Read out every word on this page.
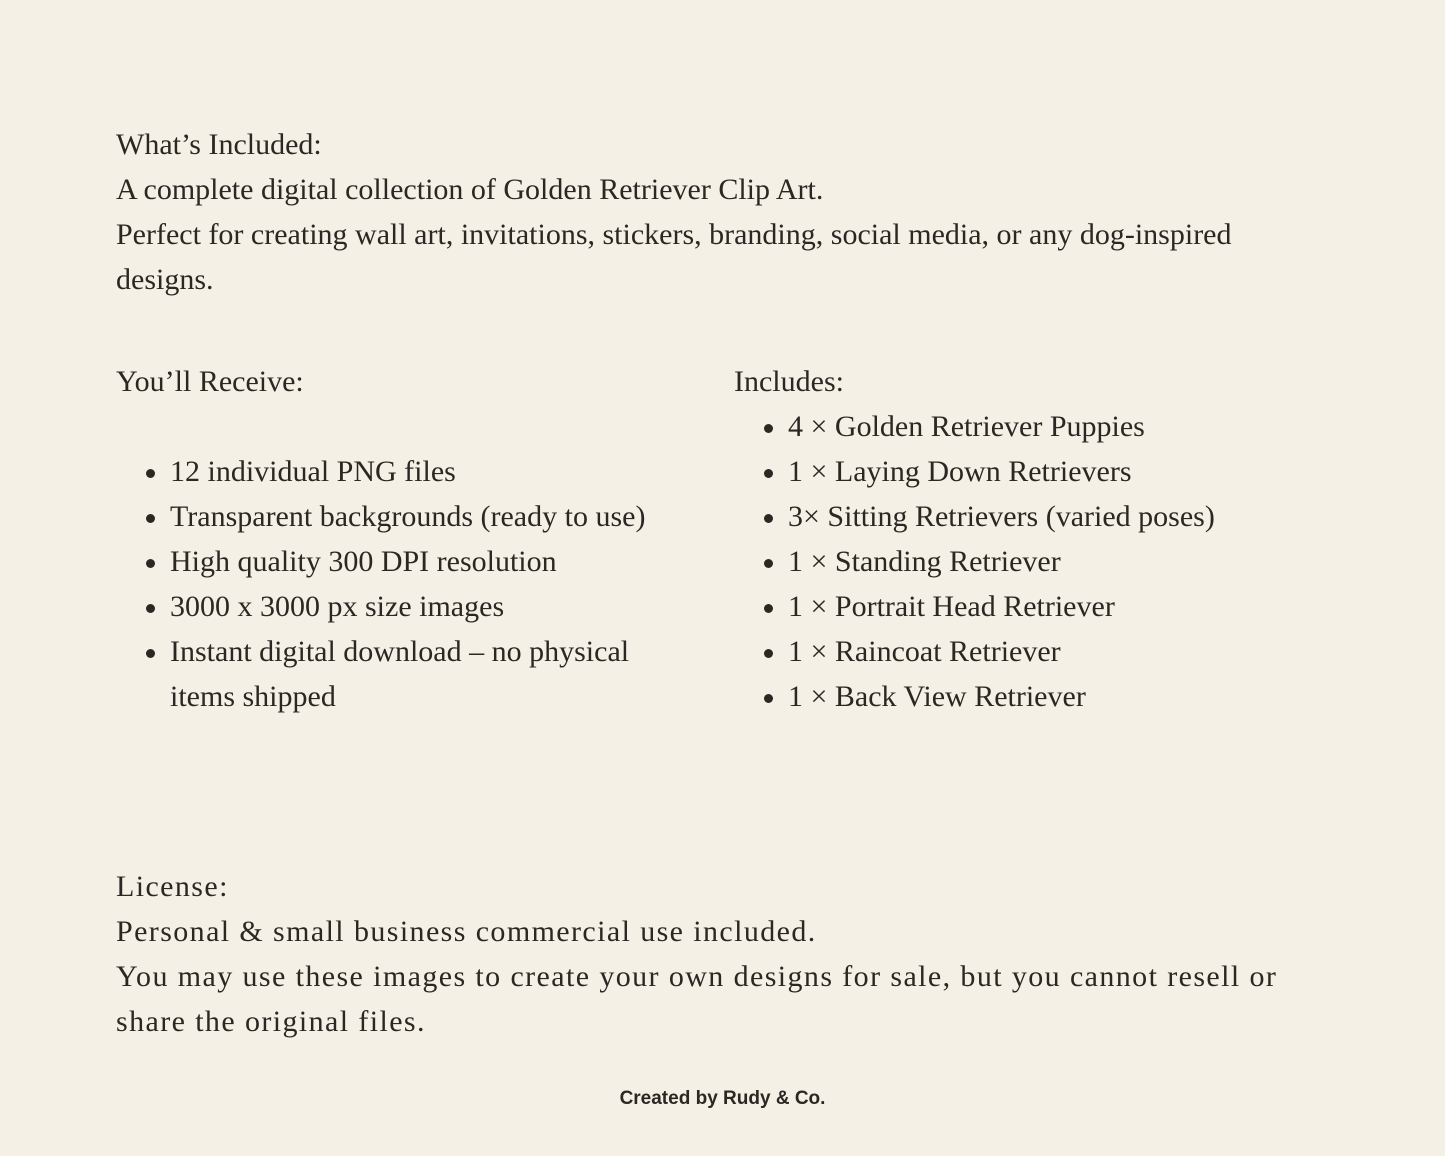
What’s Included:
A complete digital collection of Golden Retriever Clip Art.
Perfect for creating wall art, invitations, stickers, branding, social media, or any dog-inspired designs.
You’ll Receive:
12 individual PNG files
Transparent backgrounds (ready to use)
High quality 300 DPI resolution
3000 x 3000 px size images
Instant digital download – no physical items shipped
Includes:
4 × Golden Retriever Puppies
1 × Laying Down Retrievers
3× Sitting Retrievers (varied poses)
1 × Standing Retriever
1 × Portrait Head Retriever
1 × Raincoat Retriever
1 × Back View Retriever
License:
Personal & small business commercial use included.
You may use these images to create your own designs for sale, but you cannot resell or share the original files.
Created by Rudy & Co.
